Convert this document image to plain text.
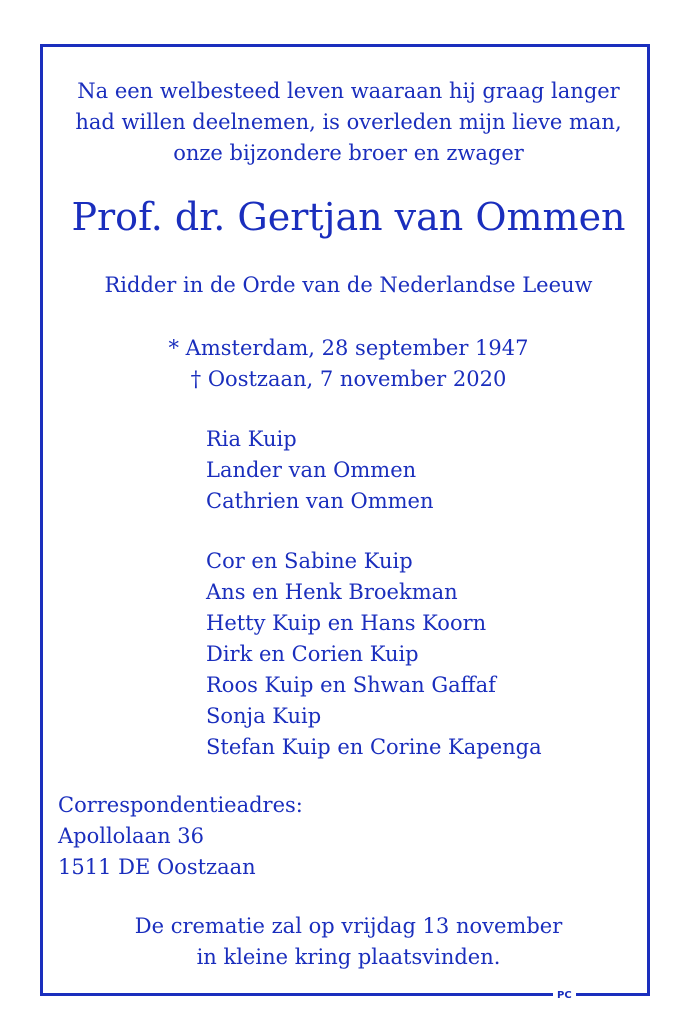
PC
Na een welbesteed leven waaraan hij graag langer
had willen deelnemen, is overleden mijn lieve man,
onze bijzondere broer en zwager
Prof. dr. Gertjan van Ommen
Ridder in de Orde van de Nederlandse Leeuw
* Amsterdam, 28 september 1947
† Oostzaan, 7 november 2020
Ria Kuip
Lander van Ommen
Cathrien van Ommen
Cor en Sabine Kuip
Ans en Henk Broekman
Hetty Kuip en Hans Koorn
Dirk en Corien Kuip
Roos Kuip en Shwan Gaffaf
Sonja Kuip
Stefan Kuip en Corine Kapenga
Correspondentieadres:
Apollolaan 36
1511 DE Oostzaan
De crematie zal op vrijdag 13 november
in kleine kring plaatsvinden.
